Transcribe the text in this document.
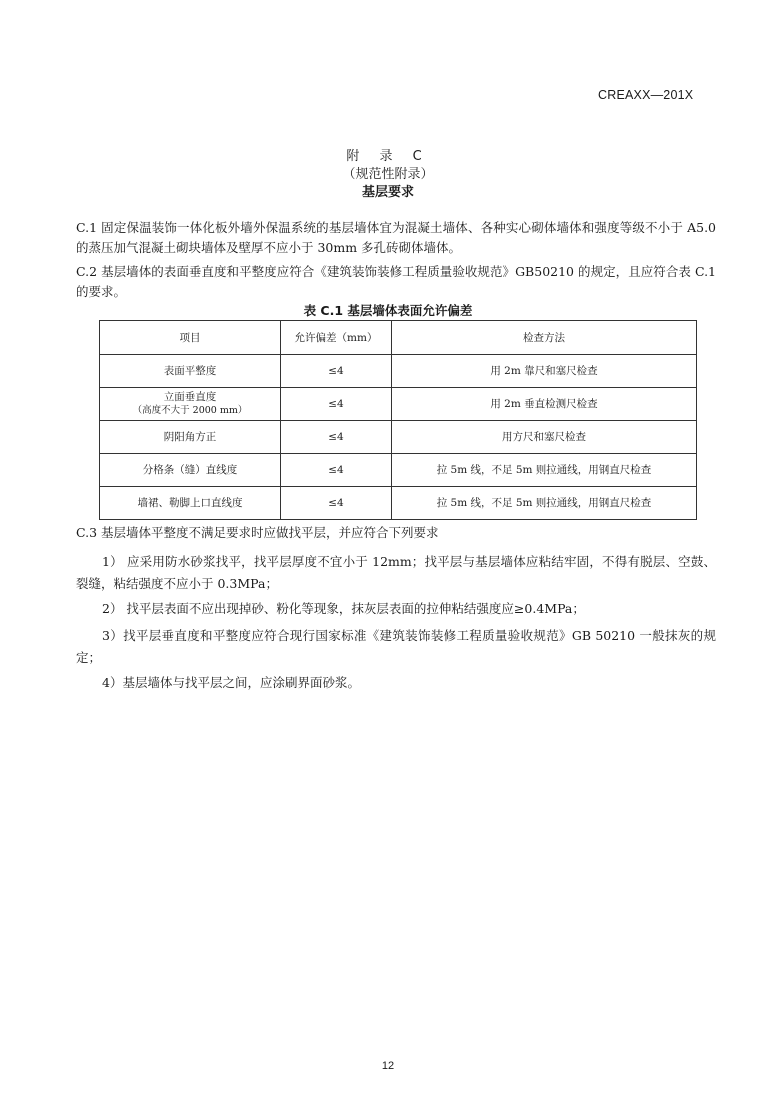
CREAXX—201X
附 录 C
（规范性附录）
基层要求
C.1 固定保温装饰一体化板外墙外保温系统的基层墙体宜为混凝土墙体、各种实心砌体墙体和强度等级不小于 A5.0 的蒸压加气混凝土砌块墙体及壁厚不应小于 30mm 多孔砖砌体墙体。
C.2 基层墙体的表面垂直度和平整度应符合《建筑装饰装修工程质量验收规范》GB50210 的规定，且应符合表 C.1 的要求。
表 C.1 基层墙体表面允许偏差
项目	允许偏差（mm）	检查方法
表面平整度	≤4	用 2m 靠尺和塞尺检查

立面垂直度
（高度不大于 2000 mm）	≤4	用 2m 垂直检测尺检查
阴阳角方正	≤4	用方尺和塞尺检查
分格条（缝）直线度	≤4	拉 5m 线，不足 5m 则拉通线，用钢直尺检查
墙裙、勒脚上口直线度	≤4	拉 5m 线，不足 5m 则拉通线，用钢直尺检查
C.3 基层墙体平整度不满足要求时应做找平层，并应符合下列要求
1） 应采用防水砂浆找平，找平层厚度不宜小于 12mm；找平层与基层墙体应粘结牢固，不得有脱层、空鼓、裂缝，粘结强度不应小于 0.3MPa；
2） 找平层表面不应出现掉砂、粉化等现象，抹灰层表面的拉伸粘结强度应≥0.4MPa；
3）找平层垂直度和平整度应符合现行国家标准《建筑装饰装修工程质量验收规范》GB 50210 一般抹灰的规定；
4）基层墙体与找平层之间，应涂刷界面砂浆。
12
